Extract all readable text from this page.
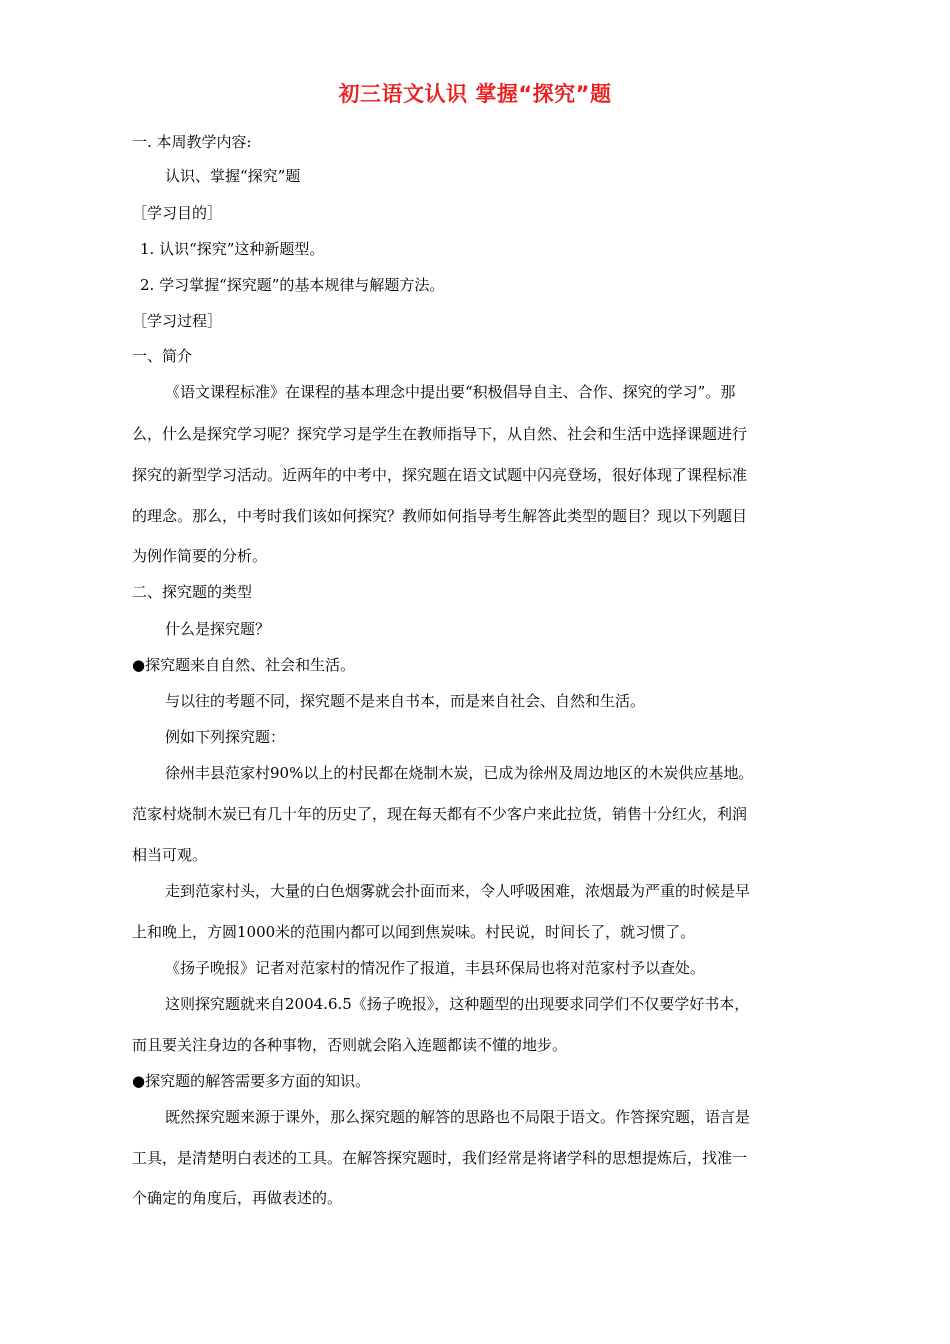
初三语文认识 掌握“探究”题
一. 本周教学内容:
认识、掌握“探究”题
［学习目的］
1. 认识“探究”这种新题型。
2. 学习掌握“探究题”的基本规律与解题方法。
［学习过程］
一、简介
《语文课程标准》在课程的基本理念中提出要“积极倡导自主、合作、探究的学习”。那
么，什么是探究学习呢？探究学习是学生在教师指导下，从自然、社会和生活中选择课题进行
探究的新型学习活动。近两年的中考中，探究题在语文试题中闪亮登场，很好体现了课程标准
的理念。那么，中考时我们该如何探究？教师如何指导考生解答此类型的题目？现以下列题目
为例作简要的分析。
二、探究题的类型
什么是探究题？
●探究题来自自然、社会和生活。
与以往的考题不同，探究题不是来自书本，而是来自社会、自然和生活。
例如下列探究题：
徐州丰县范家村90%以上的村民都在烧制木炭，已成为徐州及周边地区的木炭供应基地。
范家村烧制木炭已有几十年的历史了，现在每天都有不少客户来此拉货，销售十分红火，利润
相当可观。
走到范家村头，大量的白色烟雾就会扑面而来，令人呼吸困难，浓烟最为严重的时候是早
上和晚上，方圆1000米的范围内都可以闻到焦炭味。村民说，时间长了，就习惯了。
《扬子晚报》记者对范家村的情况作了报道，丰县环保局也将对范家村予以查处。
这则探究题就来自2004.6.5《扬子晚报》，这种题型的出现要求同学们不仅要学好书本，
而且要关注身边的各种事物，否则就会陷入连题都读不懂的地步。
●探究题的解答需要多方面的知识。
既然探究题来源于课外，那么探究题的解答的思路也不局限于语文。作答探究题，语言是
工具，是清楚明白表述的工具。在解答探究题时，我们经常是将诸学科的思想提炼后，找准一
个确定的角度后，再做表述的。
